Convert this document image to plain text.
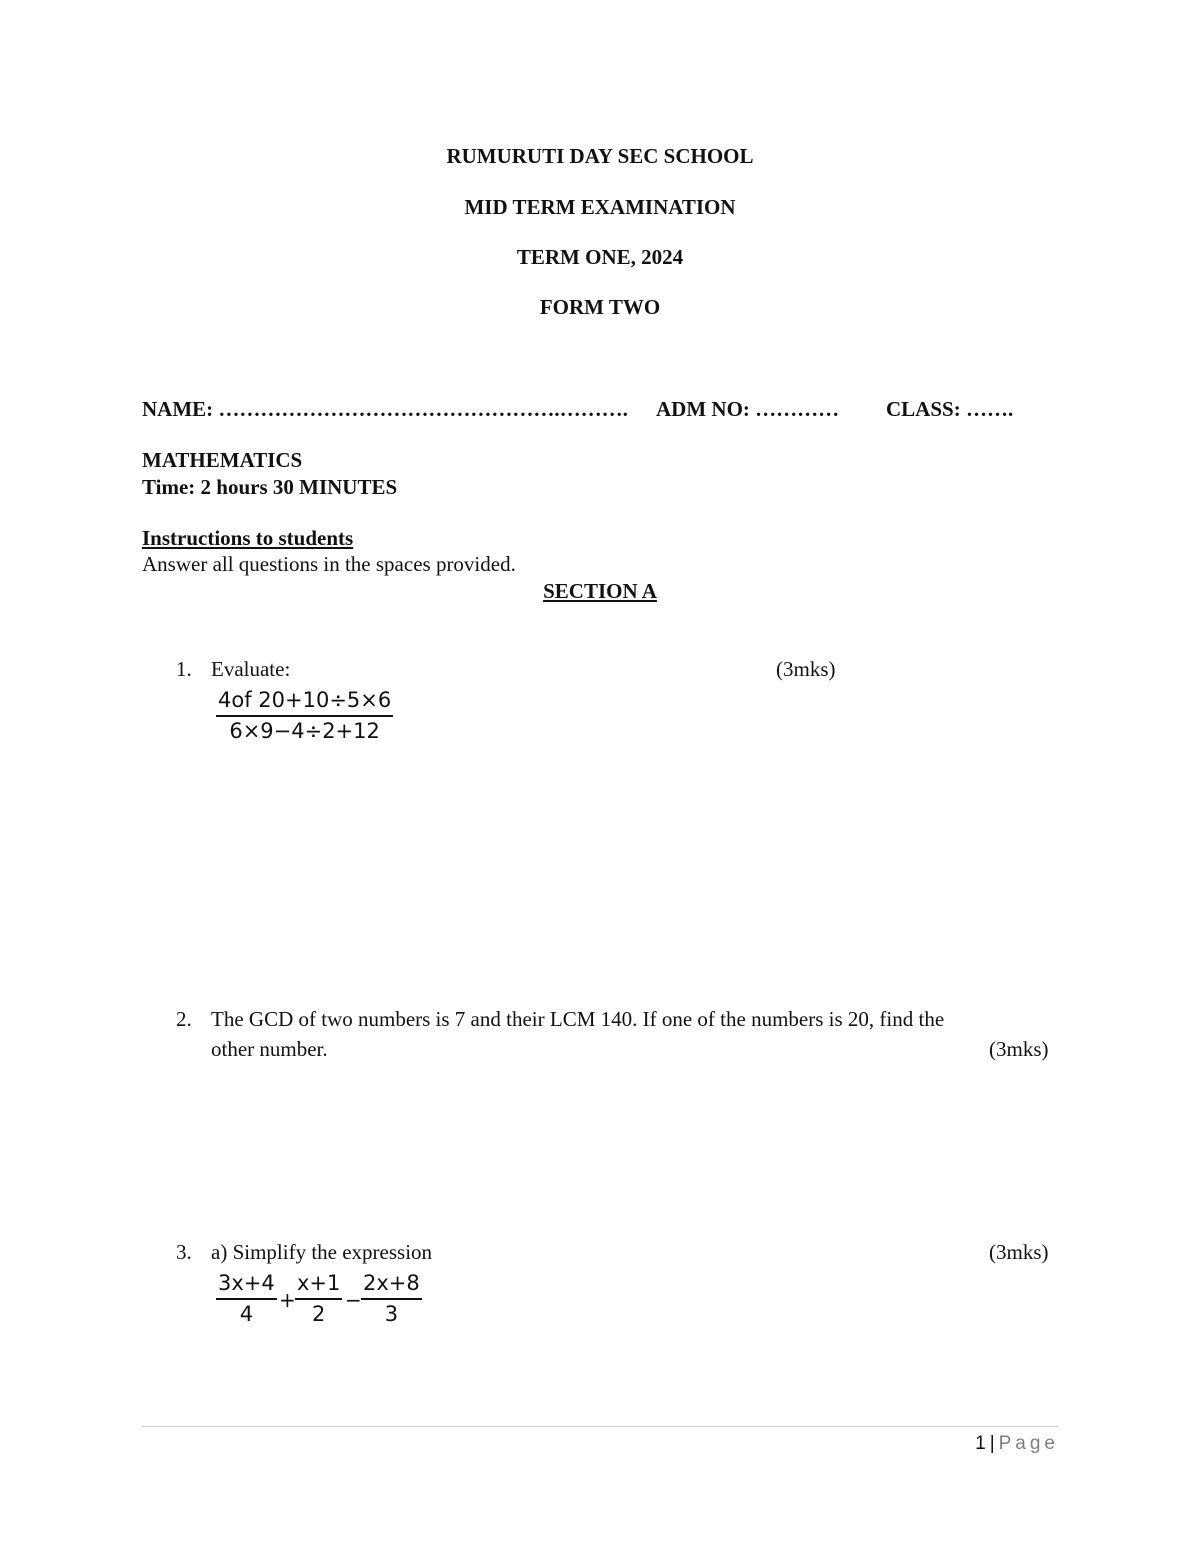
RUMURUTI DAY SEC SCHOOL
MID TERM EXAMINATION
TERM ONE, 2024
FORM TWO
NAME: ………………………………………….………. ADM NO: ………… CLASS: …….
MATHEMATICS
Time: 2 hours 30 MINUTES
Instructions to students
Answer all questions in the spaces provided.
SECTION A
1. Evaluate:	(3mks)
$\frac{4of 20+10\div 5\times 6}{6\times 9-4\div 2+12}$
2. The GCD of two numbers is 7 and their LCM 140. If one of the numbers is 20, find the
other number.	(3mks)
3. a) Simplify the expression	(3mks)
$\frac{3x+4}{4} + \frac{x+1}{2} - \frac{2x+8}{3}$
1 | Page
